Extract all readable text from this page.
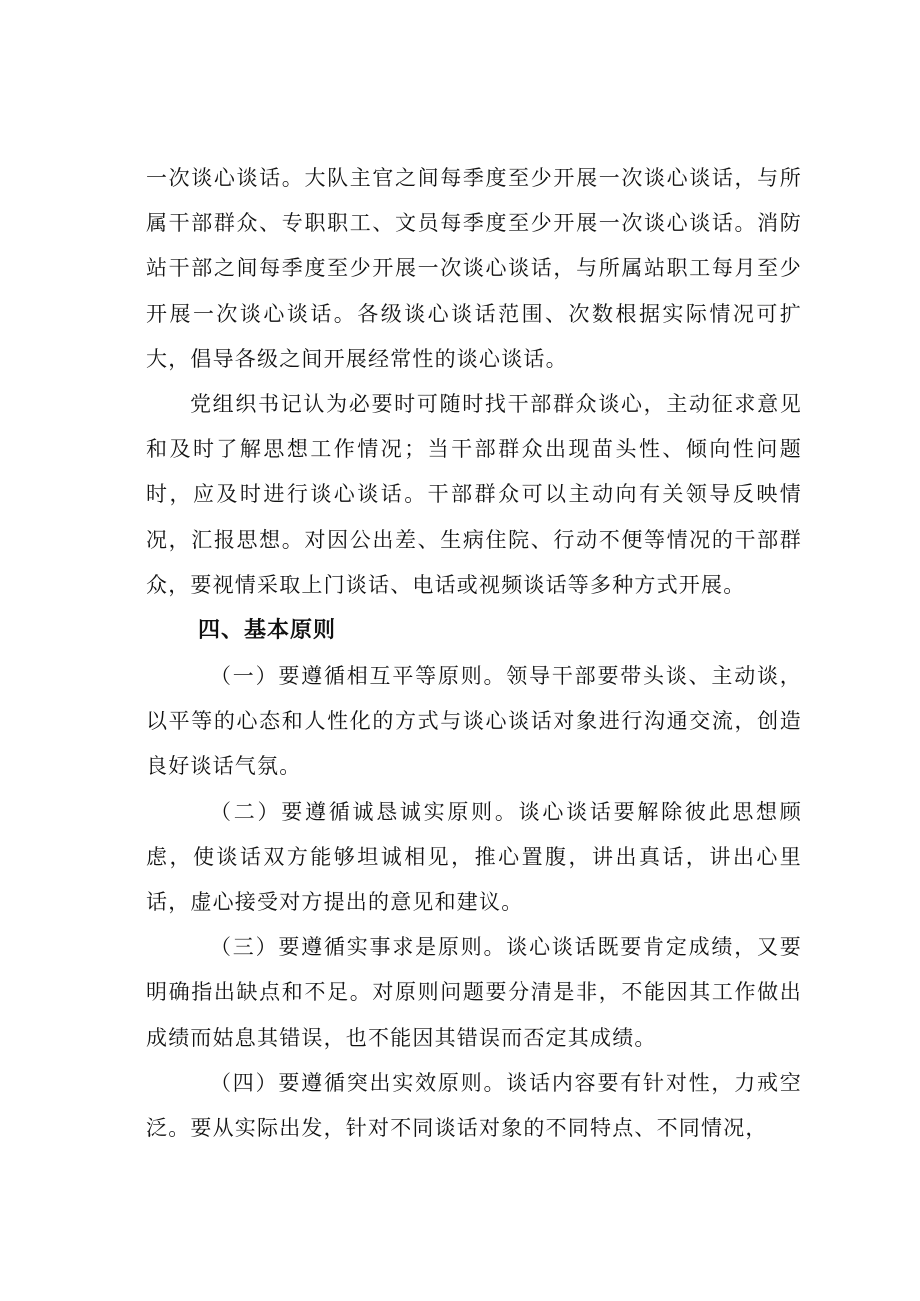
一次谈心谈话。大队主官之间每季度至少开展一次谈心谈话，与所属干部群众、专职职工、文员每季度至少开展一次谈心谈话。消防站干部之间每季度至少开展一次谈心谈话，与所属站职工每月至少开展一次谈心谈话。各级谈心谈话范围、次数根据实际情况可扩大，倡导各级之间开展经常性的谈心谈话。

党组织书记认为必要时可随时找干部群众谈心，主动征求意见和及时了解思想工作情况；当干部群众出现苗头性、倾向性问题时，应及时进行谈心谈话。干部群众可以主动向有关领导反映情况，汇报思想。对因公出差、生病住院、行动不便等情况的干部群众，要视情采取上门谈话、电话或视频谈话等多种方式开展。

四、基本原则

（一）要遵循相互平等原则。领导干部要带头谈、主动谈，以平等的心态和人性化的方式与谈心谈话对象进行沟通交流，创造良好谈话气氛。

（二）要遵循诚恳诚实原则。谈心谈话要解除彼此思想顾虑，使谈话双方能够坦诚相见，推心置腹，讲出真话，讲出心里话，虚心接受对方提出的意见和建议。

（三）要遵循实事求是原则。谈心谈话既要肯定成绩，又要明确指出缺点和不足。对原则问题要分清是非，不能因其工作做出成绩而姑息其错误，也不能因其错误而否定其成绩。

（四）要遵循突出实效原则。谈话内容要有针对性，力戒空泛。要从实际出发，针对不同谈话对象的不同特点、不同情况，
